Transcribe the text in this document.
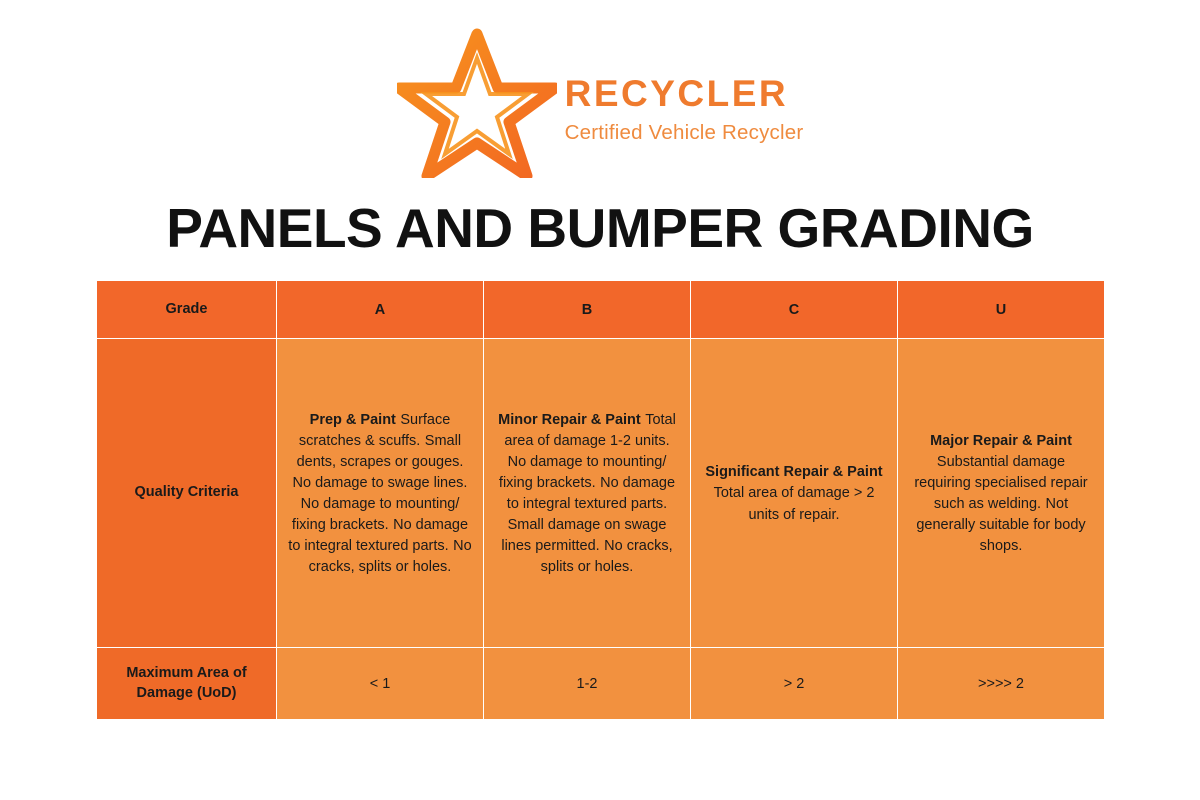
RECYCLER
Certified Vehicle Recycler
PANELS AND BUMPER GRADING
Grade	A	B	C	U
Quality Criteria	Prep & Paint Surface scratches & scuffs. Small dents, scrapes or gouges. No damage to swage lines. No damage to mounting/ fixing brackets. No damage to integral textured parts. No cracks, splits or holes.	Minor Repair & Paint Total area of damage 1-2 units. No damage to mounting/ fixing brackets. No damage to integral textured parts. Small damage on swage lines permitted. No cracks, splits or holes.	Significant Repair & Paint Total area of damage > 2 units of repair.	Major Repair & Paint Substantial damage requiring specialised repair such as welding. Not generally suitable for body shops.

Maximum Area of Damage (UoD)	< 1	1-2	> 2	>>>> 2
